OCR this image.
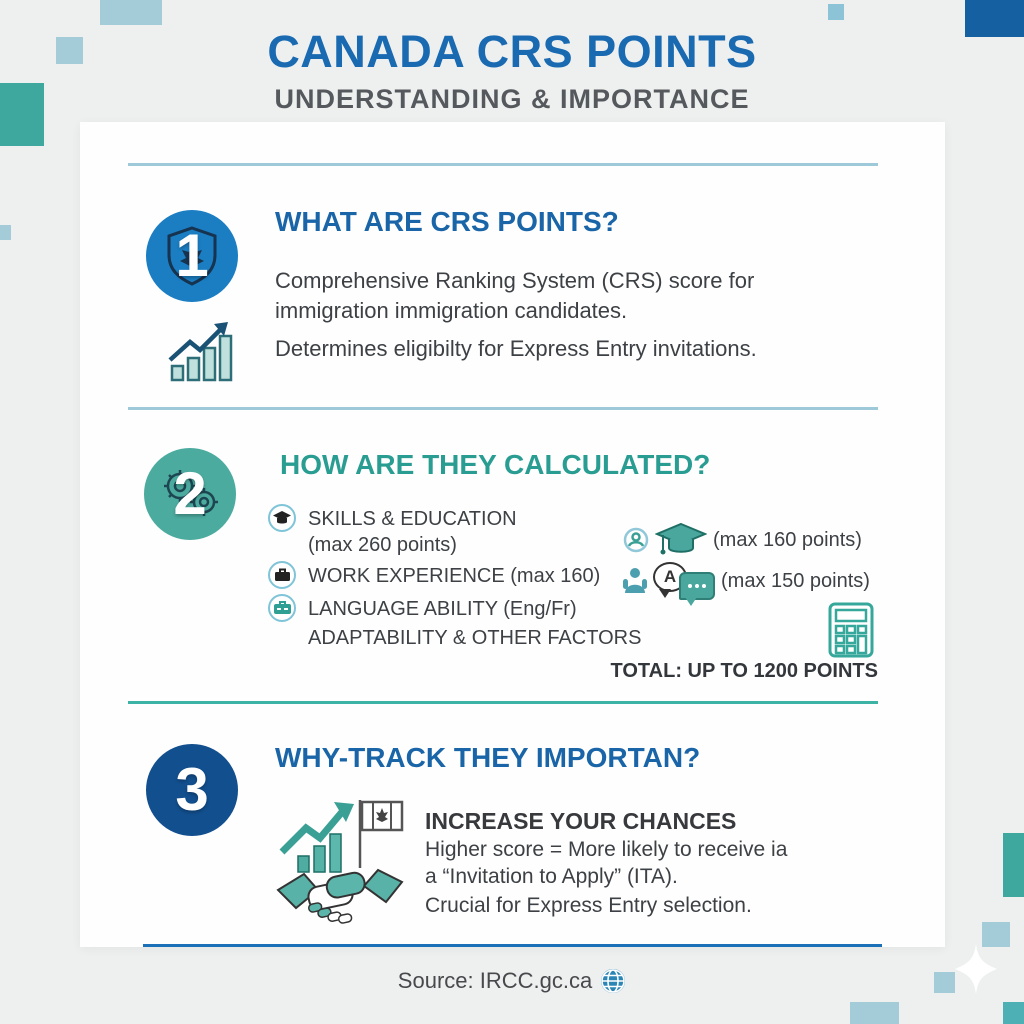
CANADA CRS POINTS
UNDERSTANDING & IMPORTANCE
1
WHAT ARE CRS POINTS?
Comprehensive Ranking System (CRS) score for immigration immigration candidates.
Determines eligibilty for Express Entry invitations.
2	HOW ARE THEY CALCULATED?
SKILLS & EDUCATION
(max 260 points)
WORK EXPERIENCE (max 160)
LANGUAGE ABILITY (Eng/Fr)
ADAPTABILITY & OTHER FACTORS
(max 160 points)
A (max 150 points)
TOTAL: UP TO 1200 POINTS
3 WHY-TRACK THEY IMPORTAN?
INCREASE YOUR CHANCES
Higher score = More likely to receive ia
a “Invitation to Apply” (ITA).
Crucial for Express Entry selection.
Source: IRCC.gc.ca
